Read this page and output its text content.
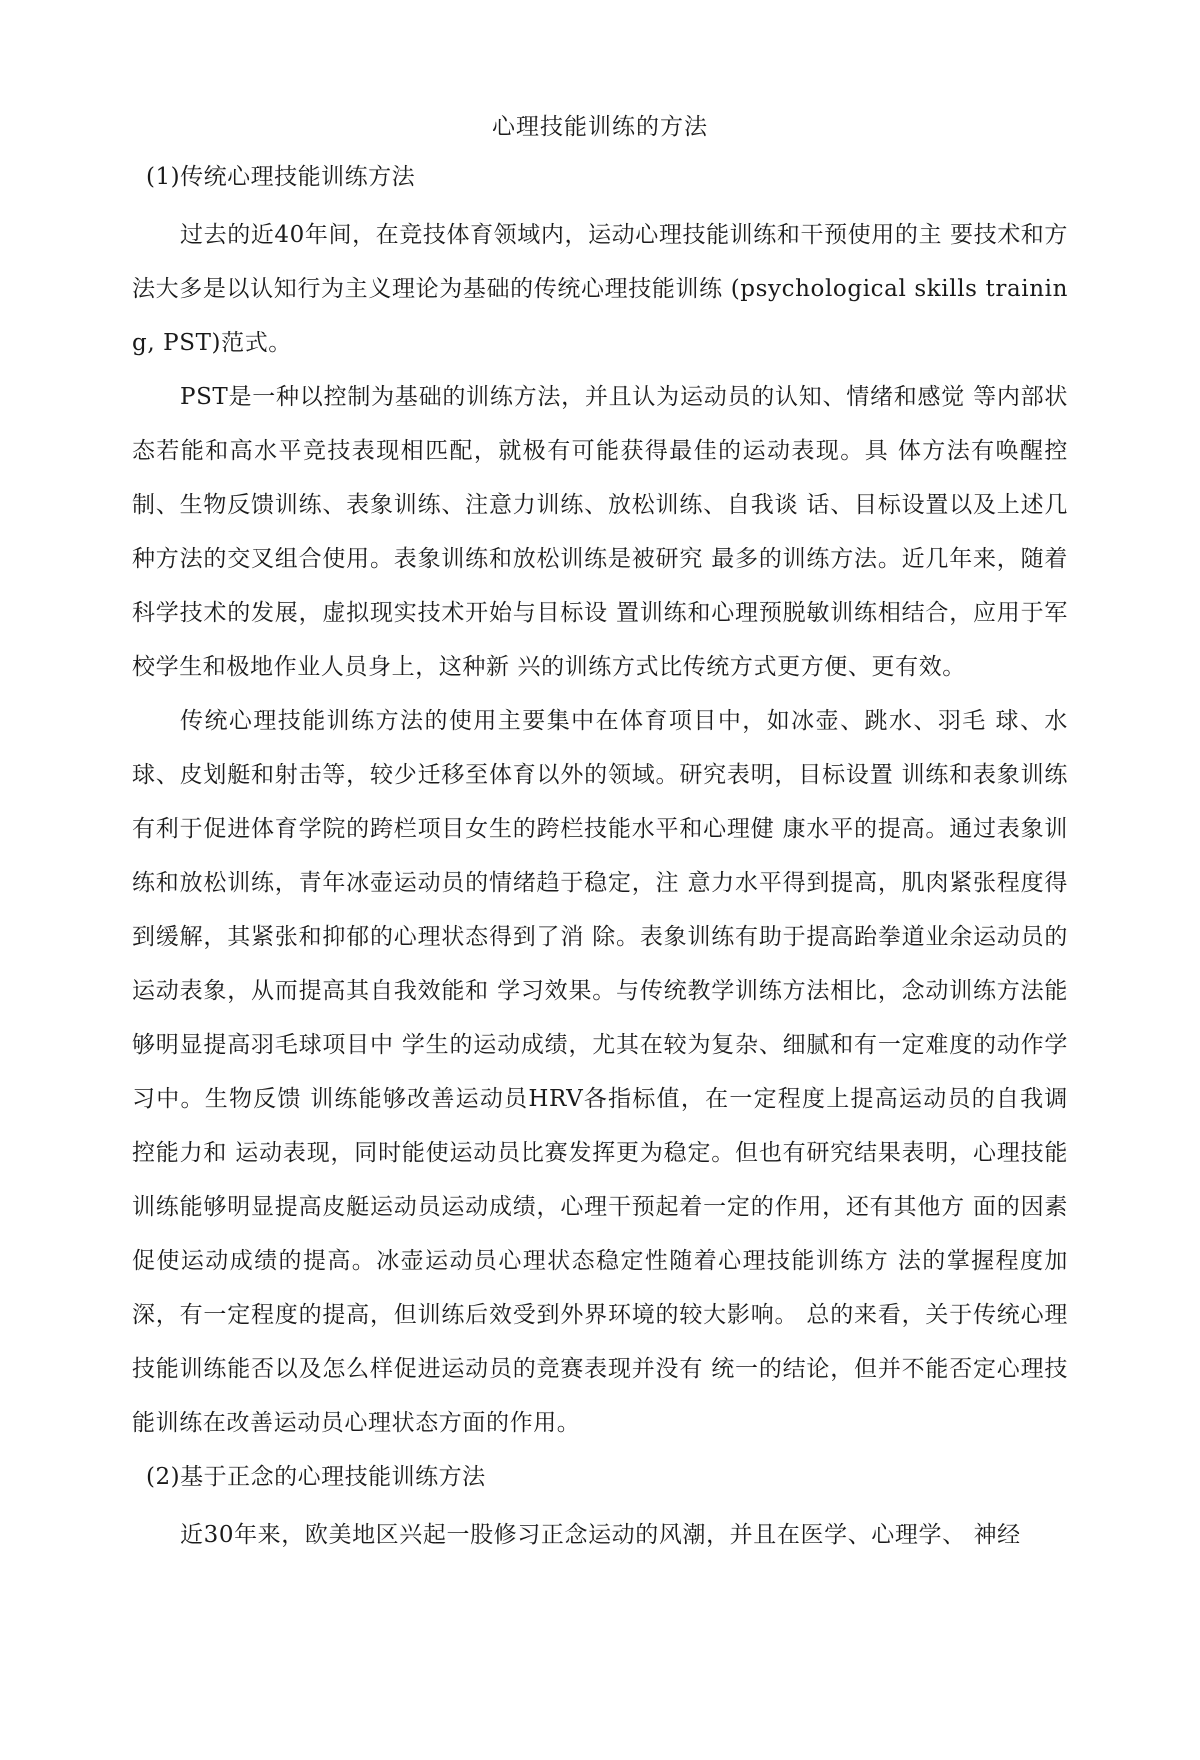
心理技能训练的方法

(1)传统心理技能训练方法

过去的近40年间，在竞技体育领域内，运动心理技能训练和干预使用的主 要技术和方法大多是以认知行为主义理论为基础的传统心理技能训练 (psychological skills training, PST)范式。

PST是一种以控制为基础的训练方法，并且认为运动员的认知、情绪和感觉 等内部状态若能和高水平竞技表现相匹配，就极有可能获得最佳的运动表现。具 体方法有唤醒控制、生物反馈训练、表象训练、注意力训练、放松训练、自我谈 话、目标设置以及上述几种方法的交叉组合使用。表象训练和放松训练是被研究 最多的训练方法。近几年来，随着科学技术的发展，虚拟现实技术开始与目标设 置训练和心理预脱敏训练相结合，应用于军校学生和极地作业人员身上，这种新 兴的训练方式比传统方式更方便、更有效。

传统心理技能训练方法的使用主要集中在体育项目中，如冰壶、跳水、羽毛 球、水球、皮划艇和射击等，较少迁移至体育以外的领域。研究表明，目标设置 训练和表象训练有利于促进体育学院的跨栏项目女生的跨栏技能水平和心理健 康水平的提高。通过表象训练和放松训练，青年冰壶运动员的情绪趋于稳定，注 意力水平得到提高，肌肉紧张程度得到缓解，其紧张和抑郁的心理状态得到了消 除。表象训练有助于提高跆拳道业余运动员的运动表象，从而提高其自我效能和 学习效果。与传统教学训练方法相比，念动训练方法能够明显提高羽毛球项目中 学生的运动成绩，尤其在较为复杂、细腻和有一定难度的动作学习中。生物反馈 训练能够改善运动员HRV各指标值，在一定程度上提高运动员的自我调控能力和 运动表现，同时能使运动员比赛发挥更为稳定。但也有研究结果表明，心理技能 训练能够明显提高皮艇运动员运动成绩，心理干预起着一定的作用，还有其他方 面的因素促使运动成绩的提高。冰壶运动员心理状态稳定性随着心理技能训练方 法的掌握程度加深，有一定程度的提高，但训练后效受到外界环境的较大影响。 总的来看，关于传统心理技能训练能否以及怎么样促进运动员的竞赛表现并没有 统一的结论，但并不能否定心理技能训练在改善运动员心理状态方面的作用。

(2)基于正念的心理技能训练方法

近30年来，欧美地区兴起一股修习正念运动的风潮，并且在医学、心理学、 神经
